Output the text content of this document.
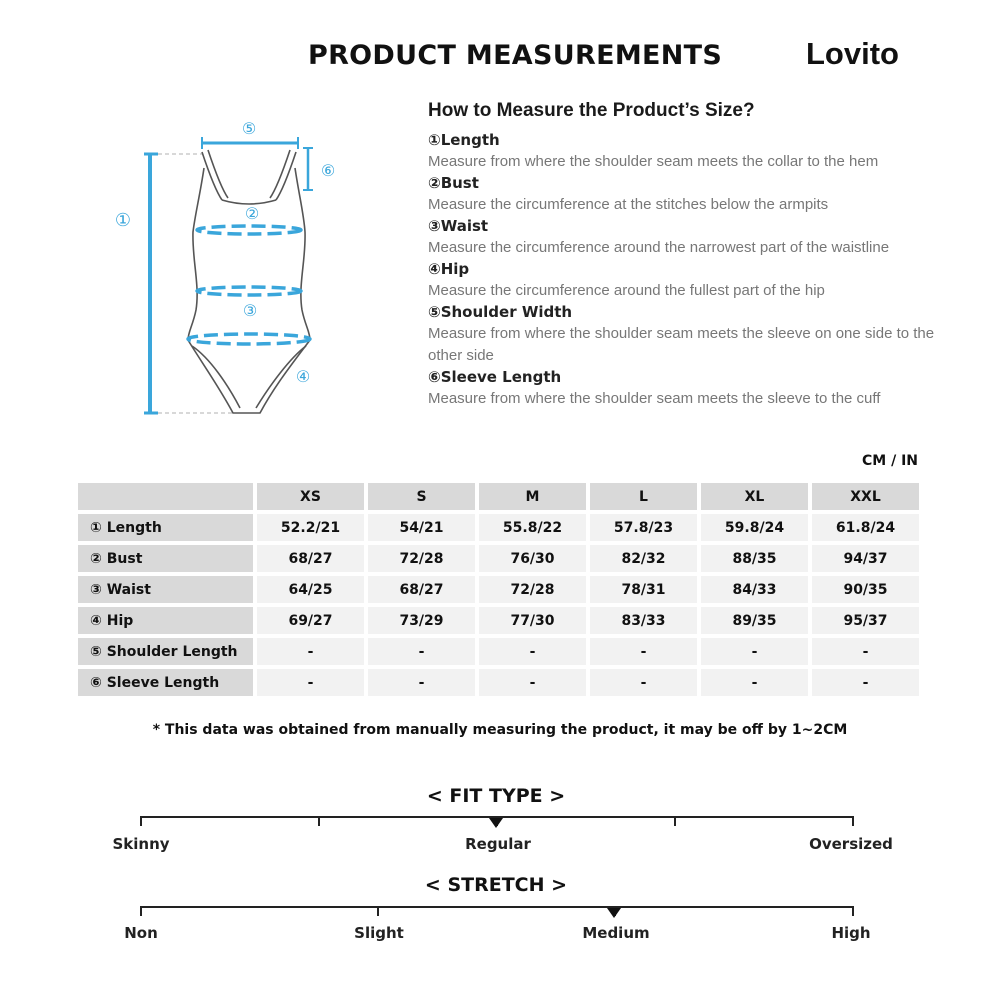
PRODUCT MEASUREMENTS	Lovito
①	②
③
④
⑤
⑥
How to Measure the Product’s Size?
①Length
Measure from where the shoulder seam meets the collar to the hem
②Bust
Measure the circumference at the stitches below the armpits
③Waist
Measure the circumference around the narrowest part of the waistline
④Hip
Measure the circumference around the fullest part of the hip
⑤Shoulder Width
Measure from where the shoulder seam meets the sleeve on one side to the other side
⑥Sleeve Length
Measure from where the shoulder seam meets the sleeve to the cuff
CM / IN
	XS	S	M	L	XL	XXL
① Length	52.2/21	54/21	55.8/22	57.8/23	59.8/24	61.8/24
② Bust	68/27	72/28	76/30	82/32	88/35	94/37
③ Waist	64/25	68/27	72/28	78/31	84/33	90/35
④ Hip	69/27	73/29	77/30	83/33	89/35	95/37
⑤ Shoulder Length	-	-	-	-	-	-
⑥ Sleeve Length	-	-	-	-	-	-
* This data was obtained from manually measuring the product, it may be off by 1~2CM
< FIT TYPE >
Skinny	Regular	Oversized
< STRETCH >
Non	Slight	Medium	High
